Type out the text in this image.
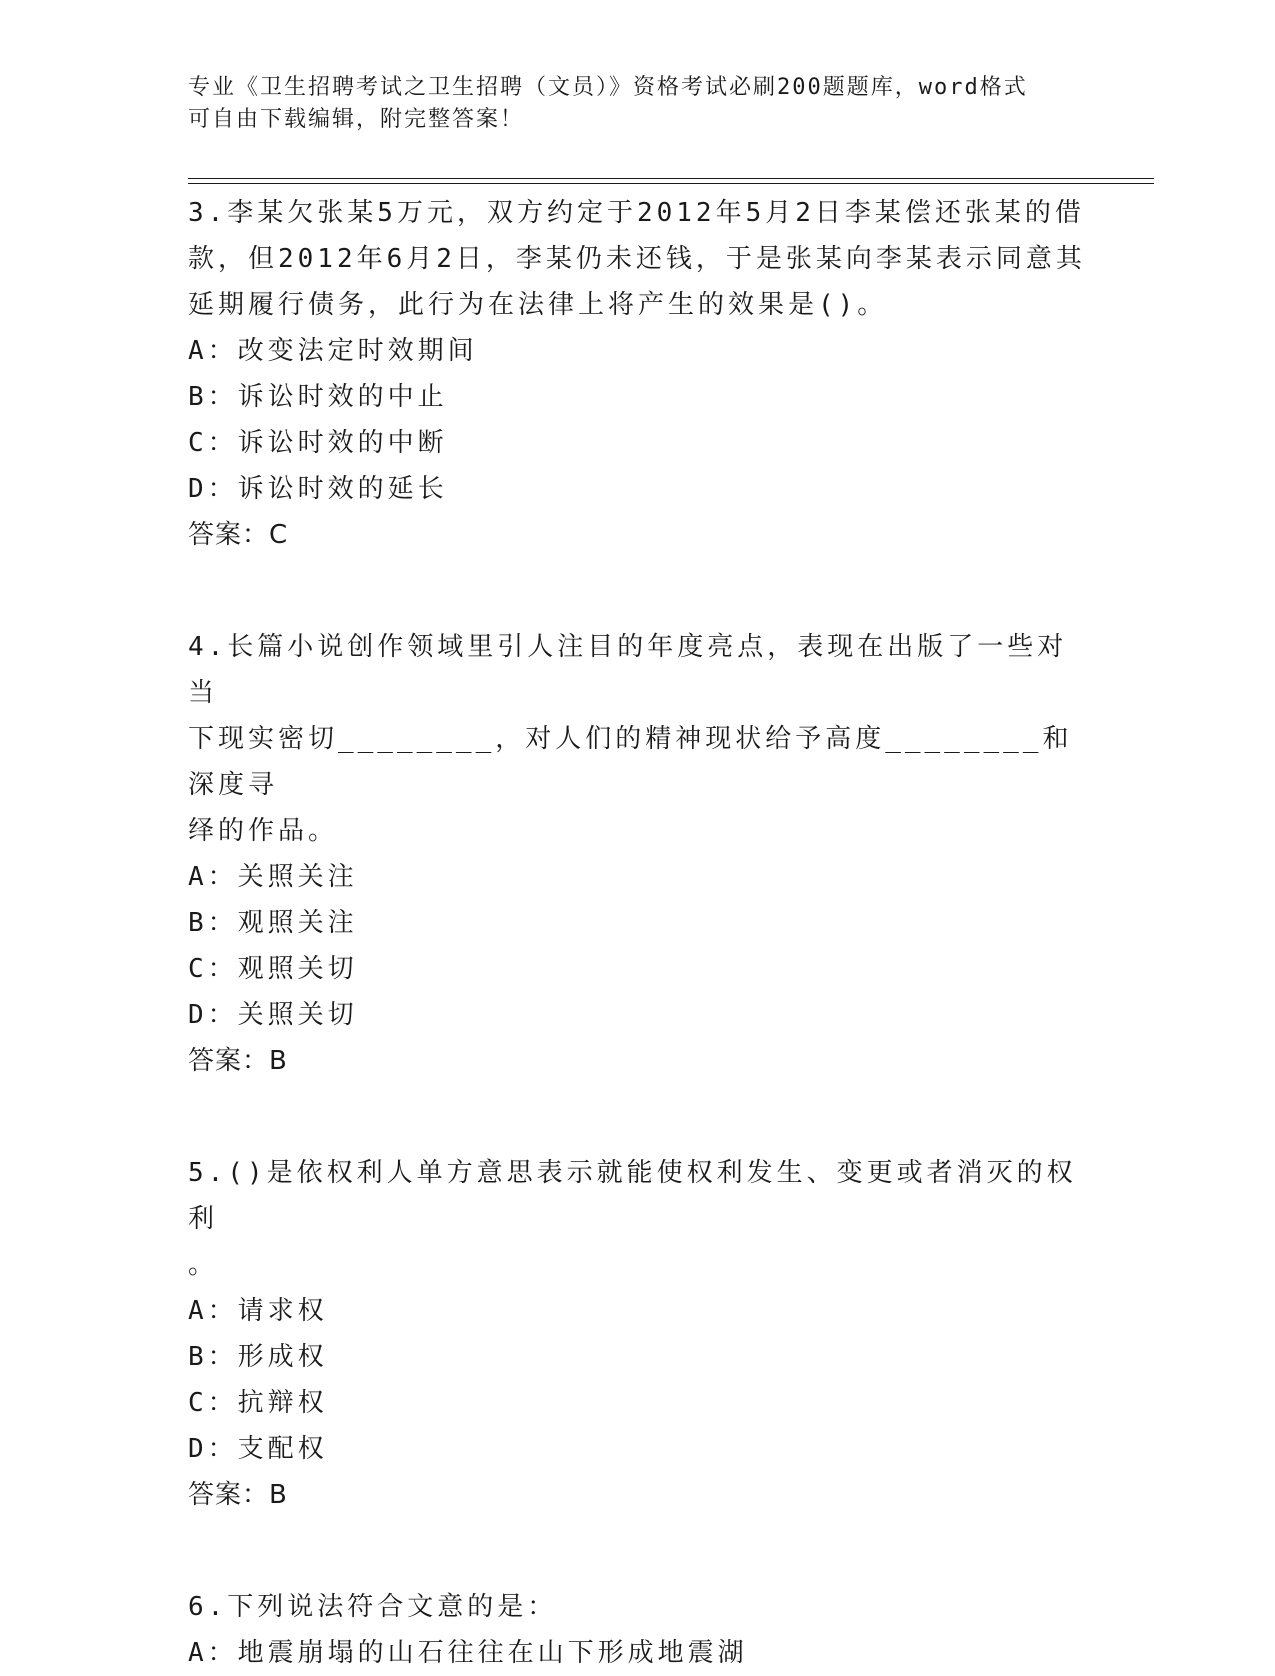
专业《卫生招聘考试之卫生招聘（文员）》资格考试必刷200题题库，word格式
可自由下载编辑，附完整答案！
3.李某欠张某5万元，双方约定于2012年5月2日李某偿还张某的借
款，但2012年6月2日，李某仍未还钱，于是张某向李某表示同意其
延期履行债务，此行为在法律上将产生的效果是()。
A：改变法定时效期间
B：诉讼时效的中止
C：诉讼时效的中断
D：诉讼时效的延长
答案：C
4.长篇小说创作领域里引人注目的年度亮点，表现在出版了一些对当
下现实密切________，对人们的精神现状给予高度________和深度寻
绎的作品。
A：关照关注
B：观照关注
C：观照关切
D：关照关切
答案：B
5.()是依权利人单方意思表示就能使权利发生、变更或者消灭的权利
。
A：请求权
B：形成权
C：抗辩权
D：支配权
答案：B
6.下列说法符合文意的是：
A：地震崩塌的山石往往在山下形成地震湖
